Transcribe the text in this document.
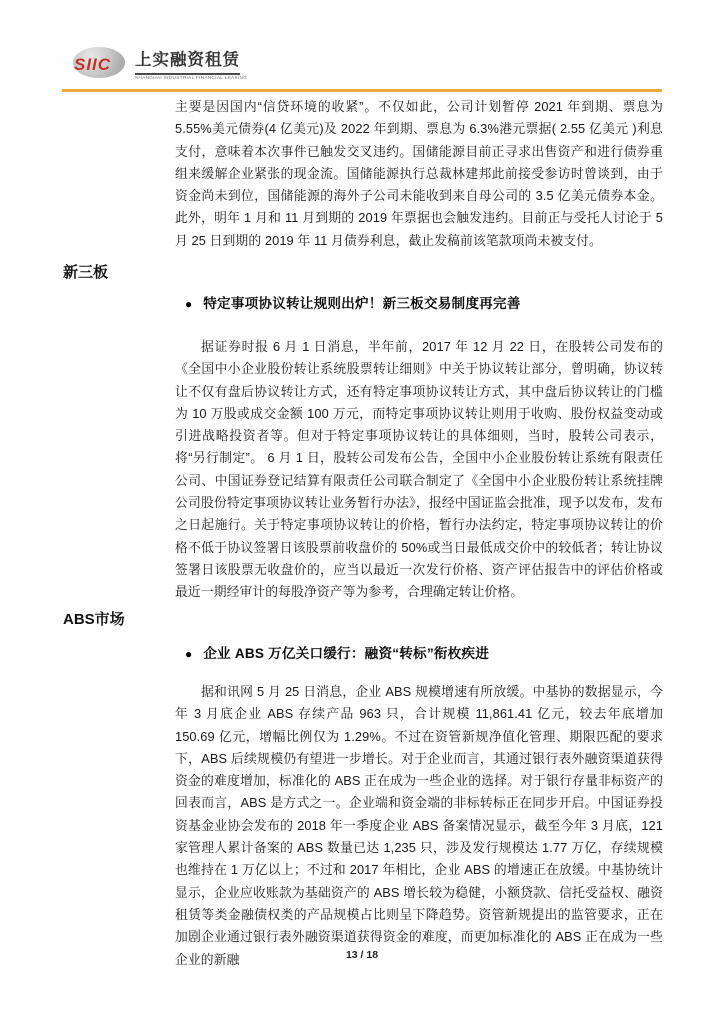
SIIC 上实融资租赁
SHANGHAI INDUSTRIAL FINANCIAL LEASING

主要是因国内“信贷环境的收紧”。不仅如此，公司计划暂停 2021 年到期、票息为 5.55%美元债券(4 亿美元)及 2022 年到期、票息为 6.3%港元票据( 2.55 亿美元 )利息支付，意味着本次事件已触发交叉违约。国储能源目前正寻求出售资产和进行债券重组来缓解企业紧张的现金流。国储能源执行总裁林建邦此前接受参访时曾谈到，由于资金尚未到位，国储能源的海外子公司未能收到来自母公司的 3.5 亿美元债券本金。此外，明年 1 月和 11 月到期的 2019 年票据也会触发违约。目前正与受托人讨论于 5 月 25 日到期的 2019 年 11 月债券利息，截止发稿前该笔款项尚未被支付。

新三板
● 特定事项协议转让规则出炉！新三板交易制度再完善

据证券时报 6 月 1 日消息，半年前，2017 年 12 月 22 日，在股转公司发布的《全国中小企业股份转让系统股票转让细则》中关于协议转让部分，曾明确，协议转让不仅有盘后协议转让方式，还有特定事项协议转让方式，其中盘后协议转让的门槛为 10 万股或成交金额 100 万元，而特定事项协议转让则用于收购、股份权益变动或引进战略投资者等。但对于特定事项协议转让的具体细则，当时，股转公司表示，将“另行制定”。 6 月 1 日，股转公司发布公告，全国中小企业股份转让系统有限责任公司、中国证券登记结算有限责任公司联合制定了《全国中小企业股份转让系统挂牌公司股份特定事项协议转让业务暂行办法》，报经中国证监会批准，现予以发布，发布之日起施行。关于特定事项协议转让的价格，暂行办法约定，特定事项协议转让的价格不低于协议签署日该股票前收盘价的 50%或当日最低成交价中的较低者；转让协议签署日该股票无收盘价的，应当以最近一次发行价格、资产评估报告中的评估价格或最近一期经审计的每股净资产等为参考，合理确定转让价格。

ABS市场
● 企业 ABS 万亿关口缓行：融资“转标”衔枚疾进

据和讯网 5 月 25 日消息，企业 ABS 规模增速有所放缓。中基协的数据显示，今年 3 月底企业 ABS 存续产品 963 只，合计规模 11,861.41 亿元，较去年底增加 150.69 亿元，增幅比例仅为 1.29%。不过在资管新规净值化管理、期限匹配的要求下，ABS 后续规模仍有望进一步增长。对于企业而言，其通过银行表外融资渠道获得资金的难度增加，标准化的 ABS 正在成为一些企业的选择。对于银行存量非标资产的回表而言，ABS 是方式之一。企业端和资金端的非标转标正在同步开启。中国证券投资基金业协会发布的 2018 年一季度企业 ABS 备案情况显示，截至今年 3 月底，121 家管理人累计备案的 ABS 数量已达 1,235 只，涉及发行规模达 1.77 万亿，存续规模也维持在 1 万亿以上；不过和 2017 年相比，企业 ABS 的增速正在放缓。中基协统计显示，企业应收账款为基础资产的 ABS 增长较为稳健，小额贷款、信托受益权、融资租赁等类金融债权类的产品规模占比则呈下降趋势。资管新规提出的监管要求，正在加剧企业通过银行表外融资渠道获得资金的难度，而更加标准化的 ABS 正在成为一些企业的新融	13 / 18
